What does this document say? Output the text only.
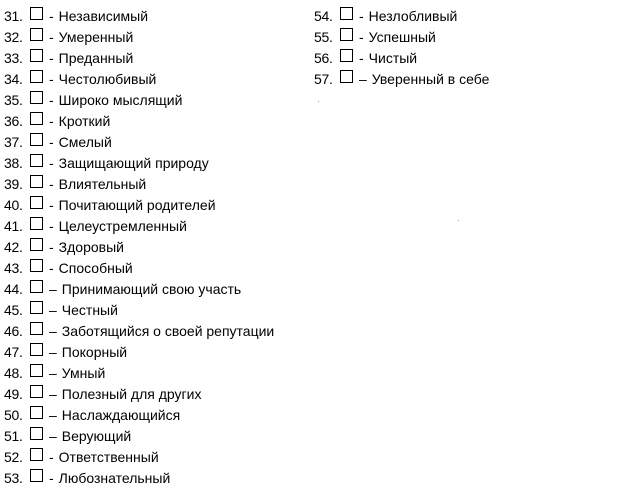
31.	- Независимый
32.	- Умеренный
33.	- Преданный
34.	- Честолюбивый
35.	- Широко мыслящий
36.	- Кроткий
37.	- Смелый
38.	- Защищающий природу
39.	- Влиятельный
40.	- Почитающий родителей
41.	- Целеустремленный
42.	- Здоровый
43.	- Способный
44.	– Принимающий свою участь
45.	– Честный
46.	– Заботящийся о своей репутации
47.	– Покорный
48.	– Умный
49.	– Полезный для других
50.	– Наслаждающийся
51.	– Верующий
52.	- Ответственный
53.	- Любознательный
54.	- Незлобливый
55.	- Успешный
56.	- Чистый
57.	– Уверенный в себе
